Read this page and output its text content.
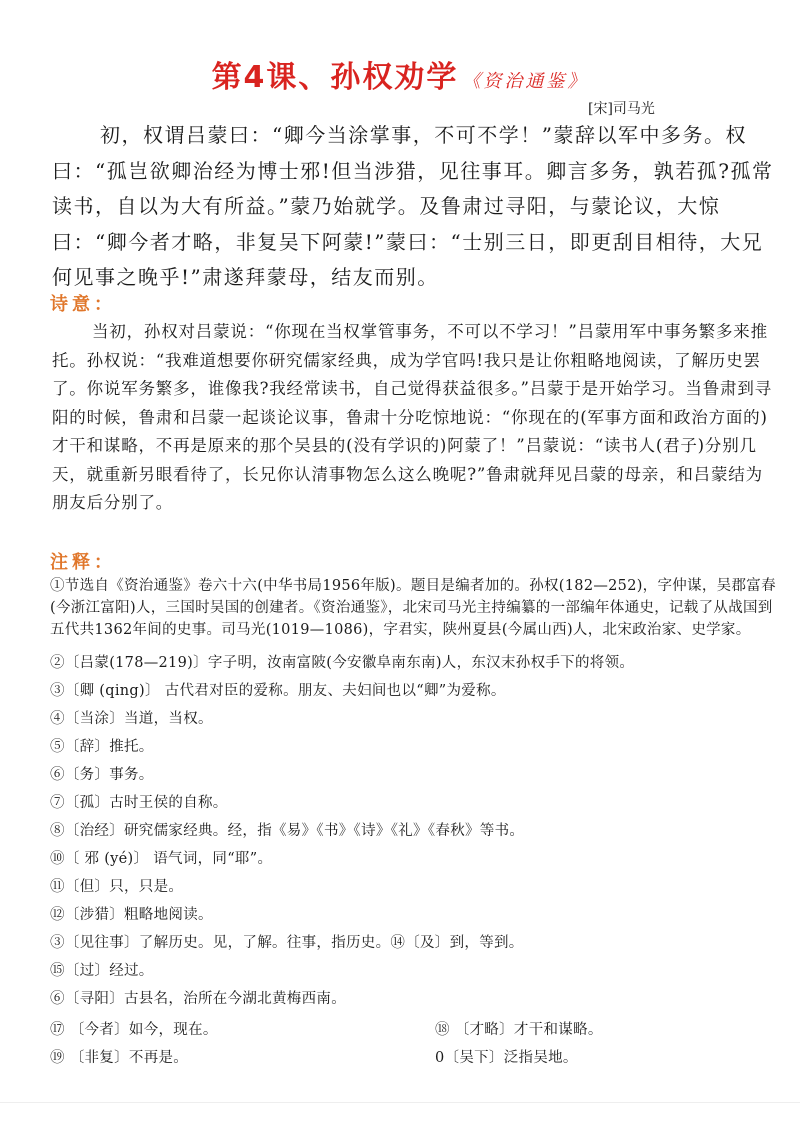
第4课、孙权劝学 《资治通鉴》
[宋]司马光

初，权谓吕蒙曰：“卿今当涂掌事，不可不学！”蒙辞以军中多务。权曰：“孤岂欲卿治经为博士邪!但当涉猎，见往事耳。卿言多务，孰若孤?孤常读书，自以为大有所益。”蒙乃始就学。及鲁肃过寻阳，与蒙论议，大惊曰：“卿今者才略，非复吴下阿蒙!”蒙曰：“士别三日，即更刮目相待，大兄何见事之晚乎!”肃遂拜蒙母，结友而别。

诗意：

当初，孙权对吕蒙说：“你现在当权掌管事务，不可以不学习！”吕蒙用军中事务繁多来推托。孙权说：“我难道想要你研究儒家经典，成为学官吗!我只是让你粗略地阅读，了解历史罢了。你说军务繁多，谁像我?我经常读书，自己觉得获益很多。”吕蒙于是开始学习。当鲁肃到寻阳的时候，鲁肃和吕蒙一起谈论议事，鲁肃十分吃惊地说：“你现在的(军事方面和政治方面的)才干和谋略，不再是原来的那个吴县的(没有学识的)阿蒙了！”吕蒙说：“读书人(君子)分别几天，就重新另眼看待了，长兄你认清事物怎么这么晚呢?”鲁肃就拜见吕蒙的母亲，和吕蒙结为朋友后分别了。

注释：

①节选自《资治通鉴》卷六十六(中华书局1956年版)。题目是编者加的。孙权(182—252)，字仲谋，吴郡富春(今浙江富阳)人，三国时吴国的创建者。《资治通鉴》，北宋司马光主持编纂的一部编年体通史，记载了从战国到五代共1362年间的史事。司马光(1019—1086)，字君实，陕州夏县(今属山西)人，北宋政治家、史学家。

②〔吕蒙(178—219)〕字子明，汝南富陂(今安徽阜南东南)人，东汉末孙权手下的将领。

③〔卿 (qing)〕 古代君对臣的爱称。朋友、夫妇间也以“卿”为爱称。

④〔当涂〕当道，当权。

⑤〔辞〕推托。

⑥〔务〕事务。

⑦〔孤〕古时王侯的自称。

⑧〔治经〕研究儒家经典。经，指《易》《书》《诗》《礼》《春秋》等书。

⑩〔 邪 (yé)〕 语气词，同“耶”。

⑪〔但〕只，只是。

⑫〔涉猎〕粗略地阅读。

③〔见往事〕了解历史。见，了解。往事，指历史。⑭〔及〕到，等到。

⑮〔过〕经过。

⑥〔寻阳〕古县名，治所在今湖北黄梅西南。

⑰ 〔今者〕如今，现在。	⑱ 〔才略〕才干和谋略。
⑲ 〔非复〕不再是。	0〔吴下〕泛指吴地。
